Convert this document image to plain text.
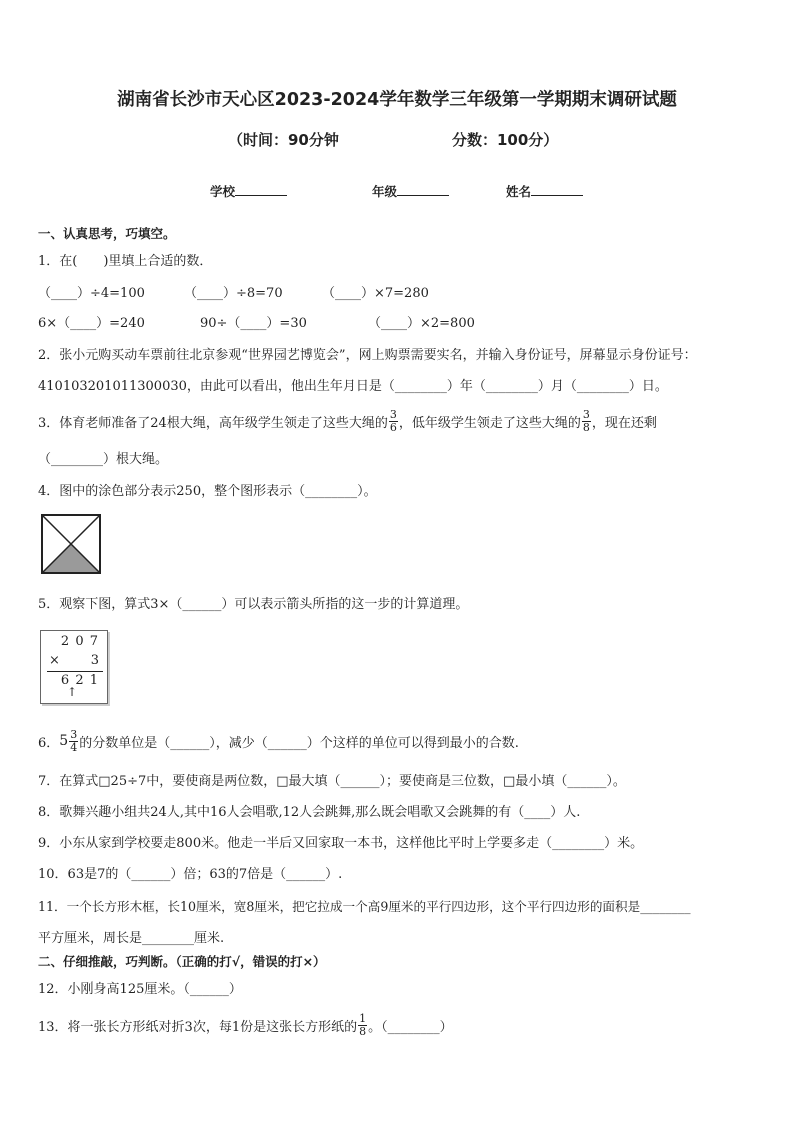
湖南省长沙市天心区2023-2024学年数学三年级第一学期期末调研试题
（时间：90分钟	分数：100分）
学校	年级	姓名
一、认真思考，巧填空。
1．在(　　)里填上合适的数．
（____）÷4=100	（____）÷8=70	（____）×7=280
6×（____）=240	90÷（____）=30	（____）×2=800
2．张小元购买动车票前往北京参观“世界园艺博览会”，网上购票需要实名，并输入身份证号，屏幕显示身份证号：
410103201011300030，由此可以看出，他出生年月日是（________）年（________）月（________）日。
3．体育老师准备了24根大绳，高年级学生领走了这些大绳的 $\frac{3}{6}$ ，低年级学生领走了这些大绳的 $\frac{3}{8}$ ，现在还剩
（________）根大绳。
4．图中的涂色部分表示250，整个图形表示（________）。
5．观察下图，算式3×（______）可以表示箭头所指的这一步的计算道理。
2 0 7
× 3
6 2 1
↑
6． $5 \frac{3}{4}$ 的分数单位是（______），减少（______）个这样的单位可以得到最小的合数.
7．在算式□25÷7中，要使商是两位数，□最大填（______）；要使商是三位数，□最小填（______）。
8．歌舞兴趣小组共24人,其中16人会唱歌,12人会跳舞,那么既会唱歌又会跳舞的有（____）人.
9．小东从家到学校要走800米。他走一半后又回家取一本书，这样他比平时上学要多走（________）米。
10．63是7的（______）倍；63的7倍是（______）.
11．一个长方形木框，长10厘米，宽8厘米，把它拉成一个高9厘米的平行四边形，这个平行四边形的面积是________
平方厘米，周长是________厘米.
二、仔细推敲，巧判断。（正确的打√，错误的打×）
12．小刚身高125厘米。（______）
13．将一张长方形纸对折3次，每1份是这张长方形纸的 $\frac{1}{8}$ 。（________）
